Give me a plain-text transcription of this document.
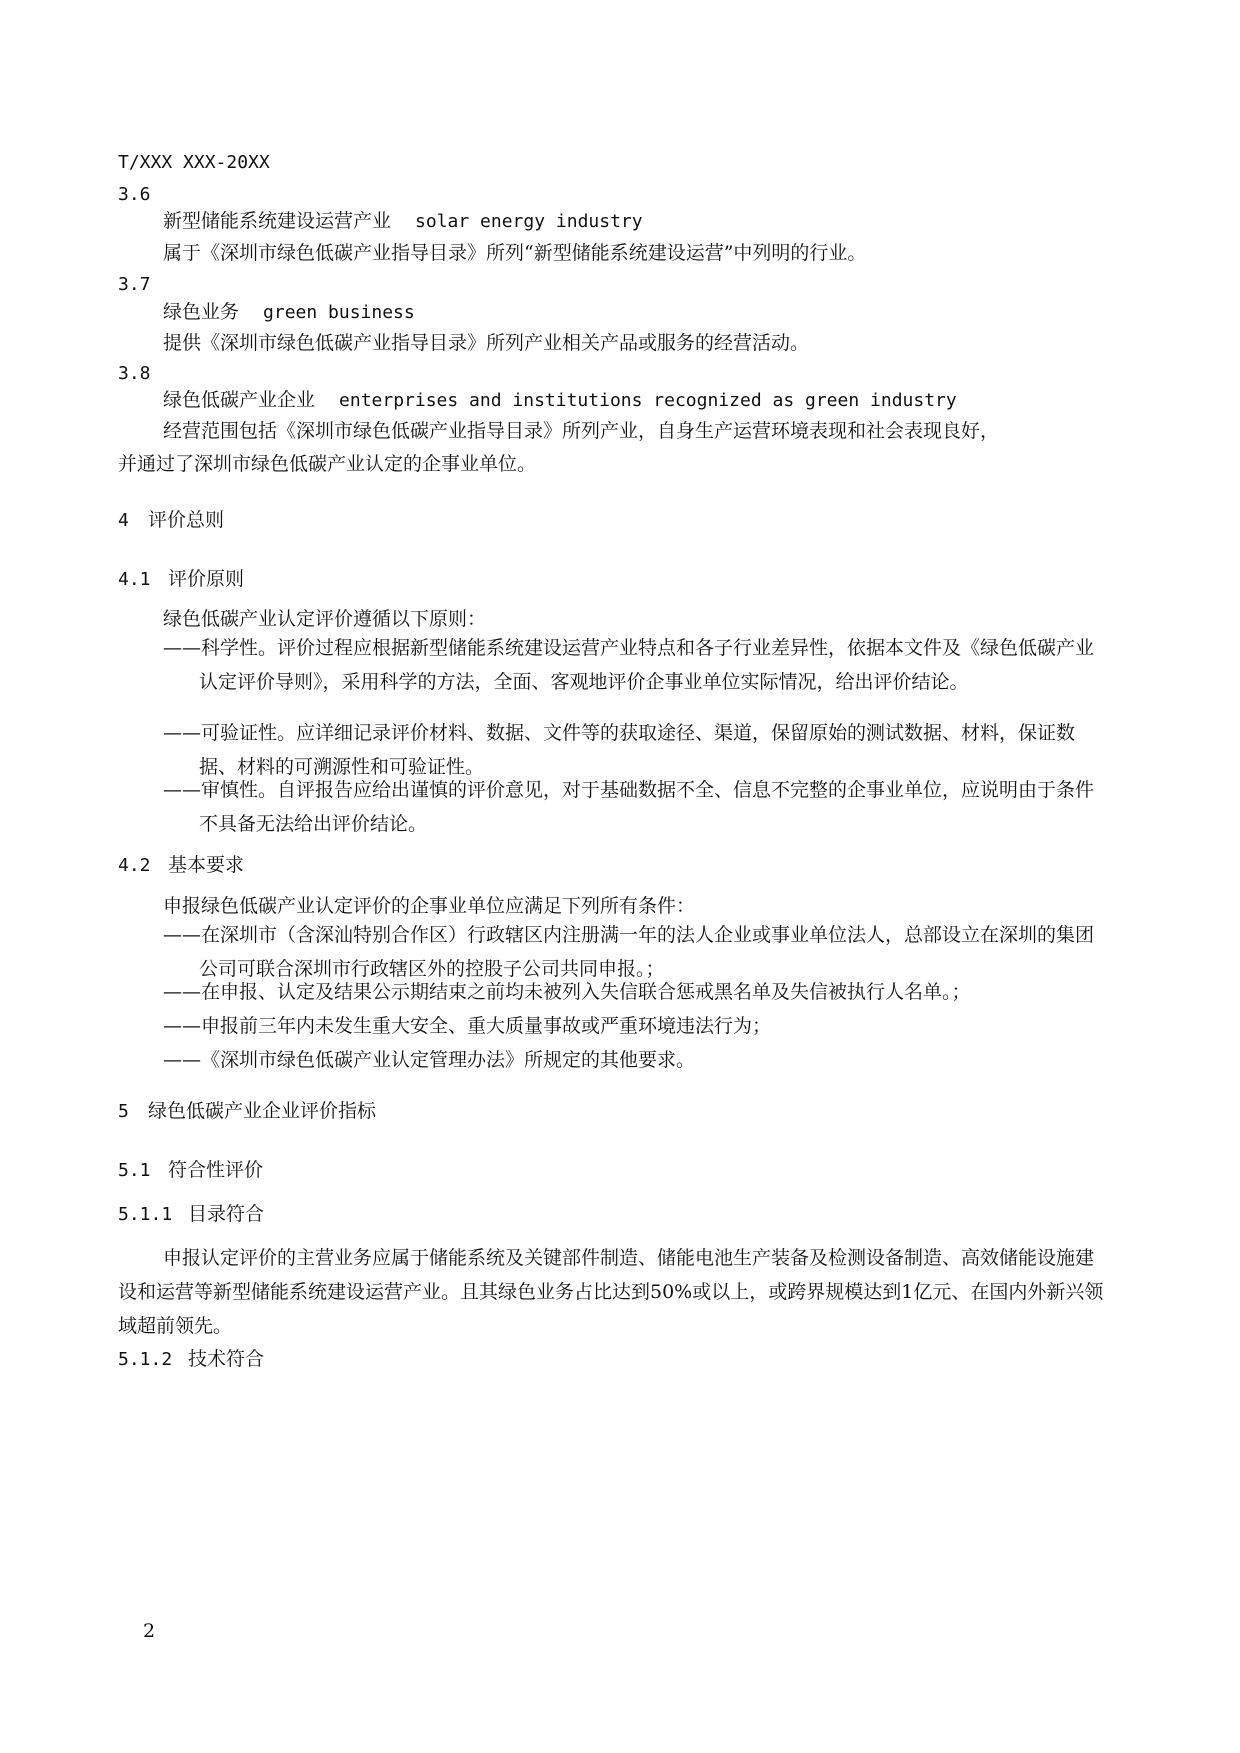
T/XXX XXX-20XX
3.6
新型储能系统建设运营产业 solar energy industry
属于《深圳市绿色低碳产业指导目录》所列“新型储能系统建设运营”中列明的行业。
3.7
绿色业务 green business
提供《深圳市绿色低碳产业指导目录》所列产业相关产品或服务的经营活动。
3.8
绿色低碳产业企业 enterprises and institutions recognized as green industry
经营范围包括《深圳市绿色低碳产业指导目录》所列产业，自身生产运营环境表现和社会表现良好，
并通过了深圳市绿色低碳产业认定的企事业单位。
4 评价总则
4.1 评价原则
绿色低碳产业认定评价遵循以下原则：
——科学性。评价过程应根据新型储能系统建设运营产业特点和各子行业差异性，依据本文件及《绿色低碳产业认定评价导则》，采用科学的方法，全面、客观地评价企事业单位实际情况，给出评价结论。
——可验证性。应详细记录评价材料、数据、文件等的获取途径、渠道，保留原始的测试数据、材料，保证数据、材料的可溯源性和可验证性。
——审慎性。自评报告应给出谨慎的评价意见，对于基础数据不全、信息不完整的企事业单位，应说明由于条件不具备无法给出评价结论。
4.2 基本要求
申报绿色低碳产业认定评价的企事业单位应满足下列所有条件：
——在深圳市（含深汕特别合作区）行政辖区内注册满一年的法人企业或事业单位法人，总部设立在深圳的集团公司可联合深圳市行政辖区外的控股子公司共同申报。；
——在申报、认定及结果公示期结束之前均未被列入失信联合惩戒黑名单及失信被执行人名单。；
——申报前三年内未发生重大安全、重大质量事故或严重环境违法行为；
——《深圳市绿色低碳产业认定管理办法》所规定的其他要求。
5 绿色低碳产业企业评价指标
5.1 符合性评价
5.1.1 目录符合
申报认定评价的主营业务应属于储能系统及关键部件制造、储能电池生产装备及检测设备制造、高效储能设施建设和运营等新型储能系统建设运营产业。且其绿色业务占比达到50%或以上，或跨界规模达到1亿元、在国内外新兴领域超前领先。
5.1.2 技术符合
2
